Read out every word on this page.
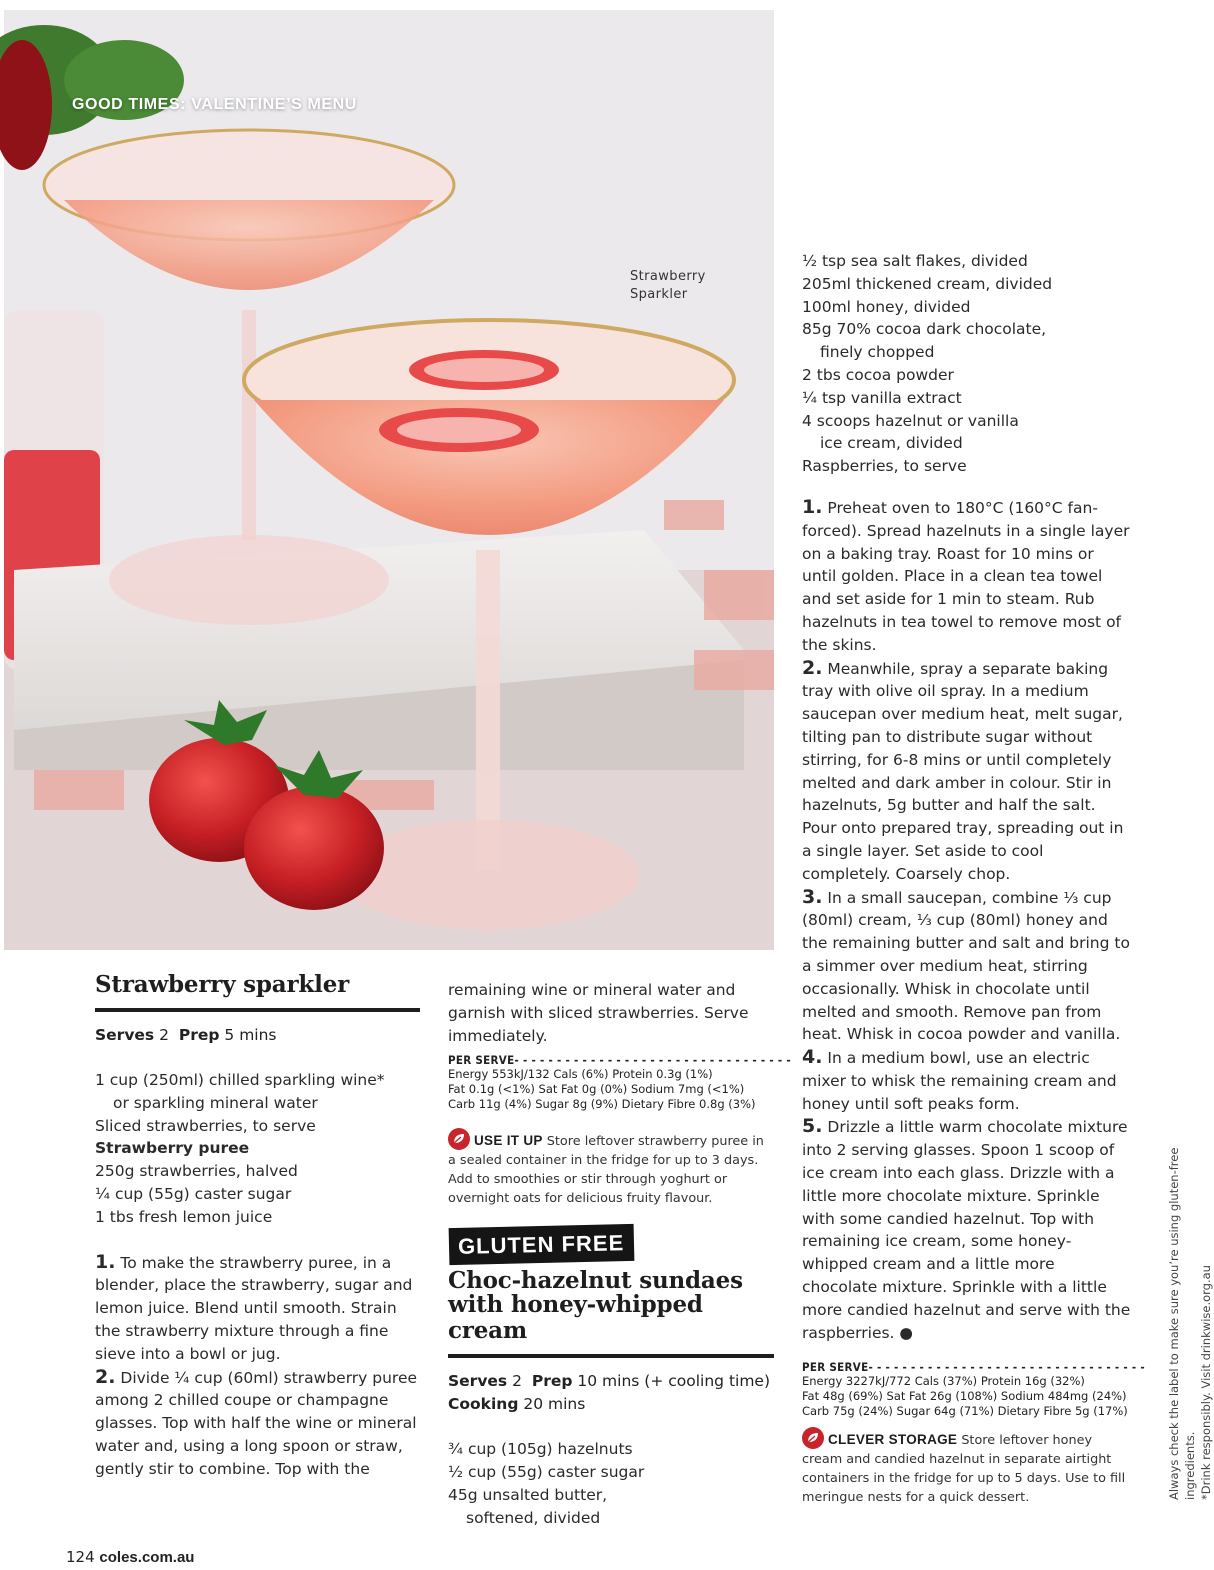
GOOD TIMES: VALENTINE’S MENU
Strawberry
Sparkler
Strawberry sparkler
Serves 2 Prep 5 mins
1 cup (250ml) chilled sparkling wine*
or sparkling mineral water
Sliced strawberries, to serve
Strawberry puree
250g strawberries, halved
¼ cup (55g) caster sugar
1 tbs fresh lemon juice

1. To make the strawberry puree, in a blender, place the strawberry, sugar and lemon juice. Blend until smooth. Strain the strawberry mixture through a fine sieve into a bowl or jug.

2. Divide ¼ cup (60ml) strawberry puree among 2 chilled coupe or champagne glasses. Top with half the wine or mineral water and, using a long spoon or straw, gently stir to combine. Top with the

remaining wine or mineral water and garnish with sliced strawberries. Serve immediately.
PER SERVE- - - - - - - - - - - - - - - - - - - - - - - - - - - - - - - - -
Energy 553kJ/132 Cals (6%) Protein 0.3g (1%)
Fat 0.1g (<1%) Sat Fat 0g (0%) Sodium 7mg (<1%)
Carb 11g (4%) Sugar 8g (9%) Dietary Fibre 0.8g (3%)
USE IT UP Store leftover strawberry puree in a sealed container in the fridge for up to 3 days. Add to smoothies or stir through yoghurt or overnight oats for delicious fruity flavour.
Choc-hazelnut sundaes
with honey-whipped cream
Serves 2 Prep 10 mins (+ cooling time)
Cooking 20 mins
¾ cup (105g) hazelnuts
½ cup (55g) caster sugar
45g unsalted butter,
softened, divided
GLUTEN FREE
½ tsp sea salt flakes, divided
205ml thickened cream, divided
100ml honey, divided
85g 70% cocoa dark chocolate,
finely chopped
2 tbs cocoa powder
¼ tsp vanilla extract
4 scoops hazelnut or vanilla
ice cream, divided
Raspberries, to serve

1. Preheat oven to 180°C (160°C fan-forced). Spread hazelnuts in a single layer on a baking tray. Roast for 10 mins or until golden. Place in a clean tea towel and set aside for 1 min to steam. Rub hazelnuts in tea towel to remove most of the skins.

2. Meanwhile, spray a separate baking tray with olive oil spray. In a medium saucepan over medium heat, melt sugar, tilting pan to distribute sugar without stirring, for 6-8 mins or until completely melted and dark amber in colour. Stir in hazelnuts, 5g butter and half the salt. Pour onto prepared tray, spreading out in a single layer. Set aside to cool completely. Coarsely chop.

3. In a small saucepan, combine ⅓ cup (80ml) cream, ⅓ cup (80ml) honey and the remaining butter and salt and bring to a simmer over medium heat, stirring occasionally. Whisk in chocolate until melted and smooth. Remove pan from heat. Whisk in cocoa powder and vanilla.

4. In a medium bowl, use an electric mixer to whisk the remaining cream and honey until soft peaks form.

5. Drizzle a little warm chocolate mixture into 2 serving glasses. Spoon 1 scoop of ice cream into each glass. Drizzle with a little more chocolate mixture. Sprinkle with some candied hazelnut. Top with remaining ice cream, some honey-whipped cream and a little more chocolate mixture. Sprinkle with a little more candied hazelnut and serve with the raspberries. ●

PER SERVE- - - - - - - - - - - - - - - - - - - - - - - - - - - - - - - - -
Energy 3227kJ/772 Cals (37%) Protein 16g (32%)
Fat 48g (69%) Sat Fat 26g (108%) Sodium 484mg (24%)
Carb 75g (24%) Sugar 64g (71%) Dietary Fibre 5g (17%)
CLEVER STORAGE Store leftover honey cream and candied hazelnut in separate airtight containers in the fridge for up to 5 days. Use to fill meringue nests for a quick dessert.	Always check the label to make sure you’re using gluten-free ingredients. *Drink responsibly. Visit drinkwise.org.au
124 coles.com.au
